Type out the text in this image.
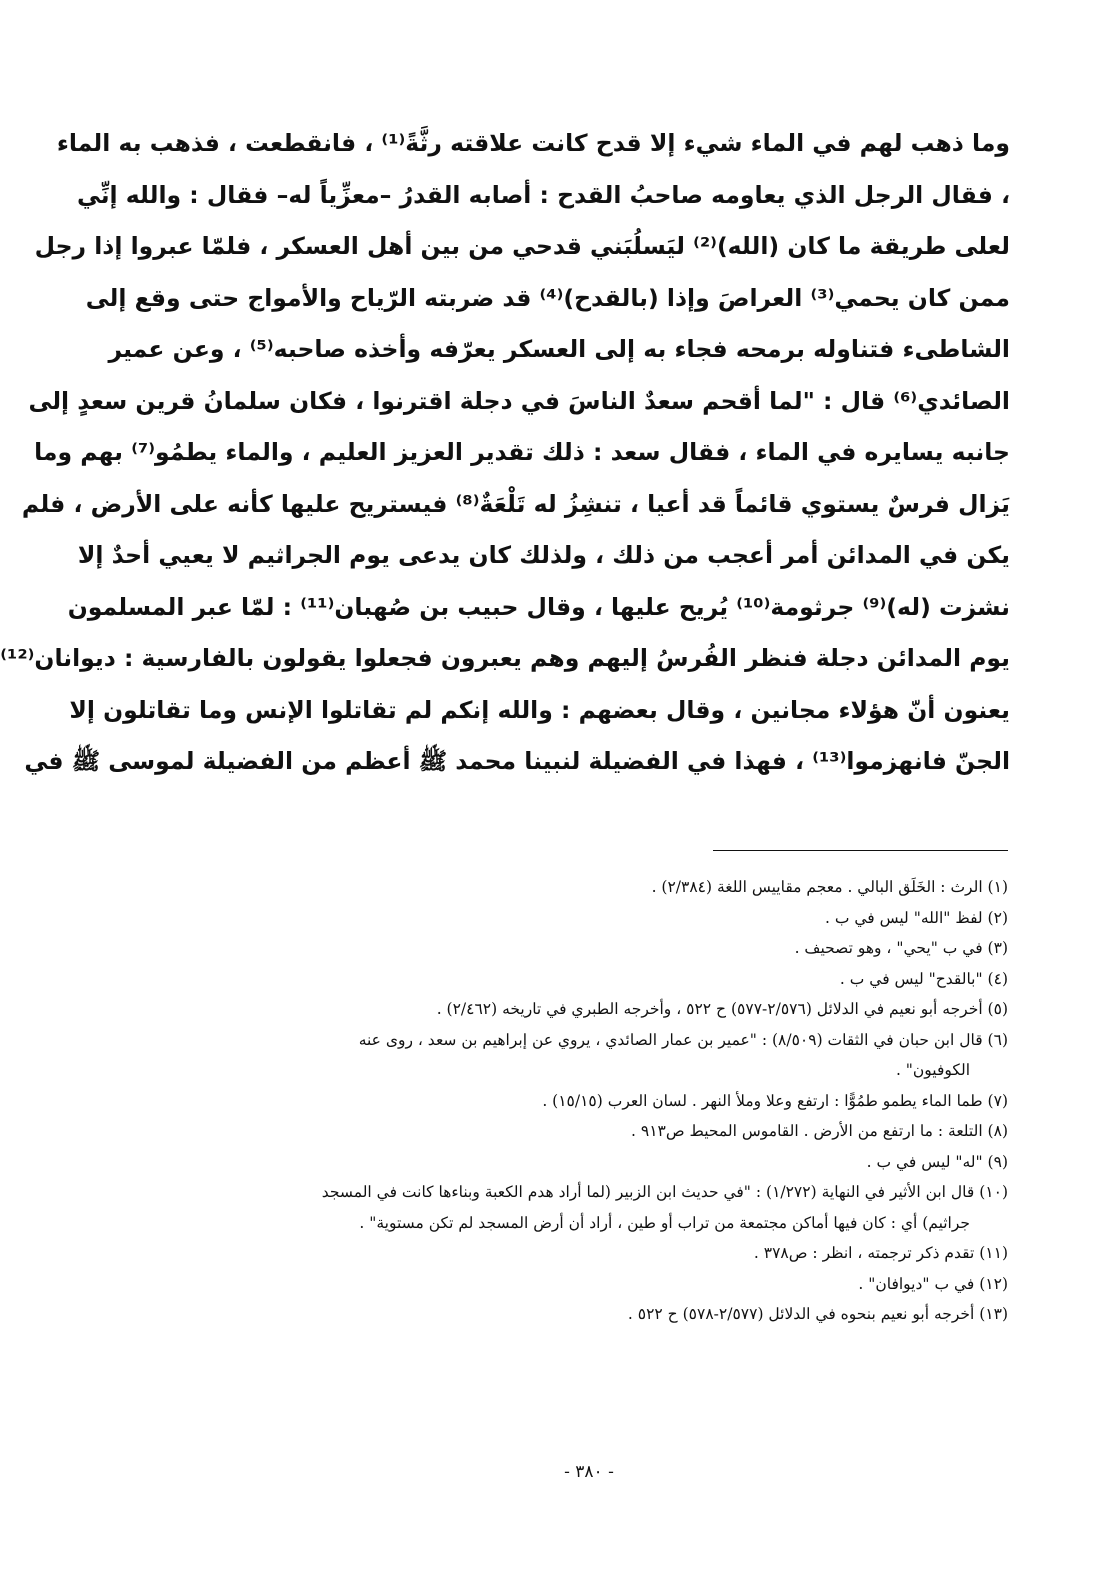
وما ذهب لهم في الماء شيء إلا قدح كانت علاقته رثَّةً⁽¹⁾ ، فانقطعت ، فذهب به الماء
، فقال الرجل الذي يعاومه صاحبُ القدح : أصابه القدرُ –معزِّياً له– فقال : والله إنِّي
لعلى طريقة ما كان (الله)⁽²⁾ ليَسلُبَني قدحي من بين أهل العسكر ، فلمّا عبروا إذا رجل
ممن كان يحمي⁽³⁾ العراصَ وإذا (بالقدح)⁽⁴⁾ قد ضربته الرّياح والأمواج حتى وقع إلى
الشاطىء فتناوله برمحه فجاء به إلى العسكر يعرّفه وأخذه صاحبه⁽⁵⁾ ، وعن عمير
الصائدي⁽⁶⁾ قال : "لما أقحم سعدٌ الناسَ في دجلة اقترنوا ، فكان سلمانُ قرين سعدٍ إلى
جانبه يسايره في الماء ، فقال سعد : ذلك تقدير العزيز العليم ، والماء يطمُو⁽⁷⁾ بهم وما
يَزال فرسٌ يستوي قائماً قد أعيا ، تنشِزُ له تَلْعَةٌ⁽⁸⁾ فيستريح عليها كأنه على الأرض ، فلم
يكن في المدائن أمر أعجب من ذلك ، ولذلك كان يدعى يوم الجراثيم لا يعيي أحدٌ إلا
نشزت (له)⁽⁹⁾ جرثومة⁽¹⁰⁾ يُريح عليها ، وقال حبيب بن صُهبان⁽¹¹⁾ : لمّا عبر المسلمون
يوم المدائن دجلة فنظر الفُرسُ إليهم وهم يعبرون فجعلوا يقولون بالفارسية : ديوانان⁽¹²⁾
يعنون أنّ هؤلاء مجانين ، وقال بعضهم : والله إنكم لم تقاتلوا الإنس وما تقاتلون إلا
الجنّ فانهزموا⁽¹³⁾ ، فهذا في الفضيلة لنبينا محمد ﷺ أعظم من الفضيلة لموسى ﷺ في
(١) الرث : الخَلَق البالي . معجم مقاييس اللغة (٢/٣٨٤) .
(٢) لفظ "الله" ليس في ب .
(٣) في ب "يحي" ، وهو تصحيف .
(٤) "بالقدح" ليس في ب .
(٥) أخرجه أبو نعيم في الدلائل (٢/٥٧٦-٥٧٧) ح ٥٢٢ ، وأخرجه الطبري في تاريخه (٢/٤٦٢) .
(٦) قال ابن حبان في الثقات (٨/٥٠٩) : "عمير بن عمار الصائدي ، يروي عن إبراهيم بن سعد ، روى عنه
الكوفيون" .
(٧) طما الماء يطمو طمُوًّا : ارتفع وعلا وملأ النهر . لسان العرب (١٥/١٥) .
(٨) التلعة : ما ارتفع من الأرض . القاموس المحيط ص٩١٣ .
(٩) "له" ليس في ب .
(١٠) قال ابن الأثير في النهاية (١/٢٧٢) : "في حديث ابن الزبير (لما أراد هدم الكعبة وبناءها كانت في المسجد
جراثيم) أي : كان فيها أماكن مجتمعة من تراب أو طين ، أراد أن أرض المسجد لم تكن مستوية" .
(١١) تقدم ذكر ترجمته ، انظر : ص٣٧٨ .
(١٢) في ب "ديوافان" .
(١٣) أخرجه أبو نعيم بنحوه في الدلائل (٢/٥٧٧-٥٧٨) ح ٥٢٢ .
- ٣٨٠ -
